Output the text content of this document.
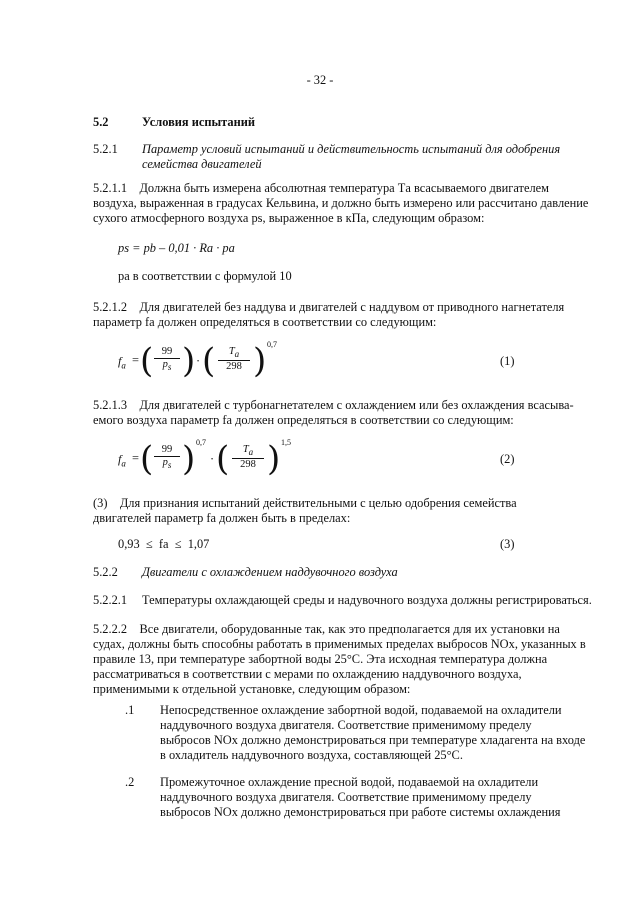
- 32 -
5.2	Условия испытаний
5.2.1 Параметр условий испытаний и действительность испытаний для одобрения
семейства двигателей
5.2.1.1 Должна быть измерена абсолютная температура Tа всасываемого двигателем
воздуха, выраженная в градусах Кельвина, и должно быть измерено или рассчитано давление
сухого атмосферного воздуха ps, выраженное в кПа, следующим образом:
ps = pb – 0,01 · Rа · pа
pа в соответствии с формулой 10
5.2.1.2 Для двигателей без наддува и двигателей с наддувом от приводного нагнетателя
параметр fа должен определяться в соответствии со следующим:
$f_a$ = ( 99
$p_s$ ) · ( $T_a$
298 ) 0,7
(1)
5.2.1.3 Для двигателей с турбонагнетателем с охлаждением или без охлаждения всасыва-
емого воздуха параметр fа должен определяться в соответствии со следующим:
$f_a$ = ( 99
$p_s$ ) 0,7
· ( $T_a$
298 ) 1,5
(2)
(3) Для признания испытаний действительными с целью одобрения семейства
двигателей параметр fа должен быть в пределах:
0,93  ≤  fа  ≤  1,07	(3)
5.2.2 Двигатели с охлаждением наддувочного воздуха
5.2.2.1 Температуры охлаждающей среды и надувочного воздуха должны регистрироваться.
5.2.2.2 Все двигатели, оборудованные так, как это предполагается для их установки на
судах, должны быть способны работать в применимых пределах выбросов NOx, указанных в
правиле 13, при температуре забортной воды 25°С. Эта исходная температура должна
рассматриваться в соответствии с мерами по охлаждению наддувочного воздуха,
применимыми к отдельной установке, следующим образом:
.1 Непосредственное охлаждение забортной водой, подаваемой на охладители
наддувочного воздуха двигателя. Соответствие применимому пределу
выбросов NOx должно демонстрироваться при температуре хладагента на входе
в охладитель наддувочного воздуха, составляющей 25°С.
.2 Промежуточное охлаждение пресной водой, подаваемой на охладители
наддувочного воздуха двигателя. Соответствие применимому пределу
выбросов NOx должно демонстрироваться при работе системы охлаждения
